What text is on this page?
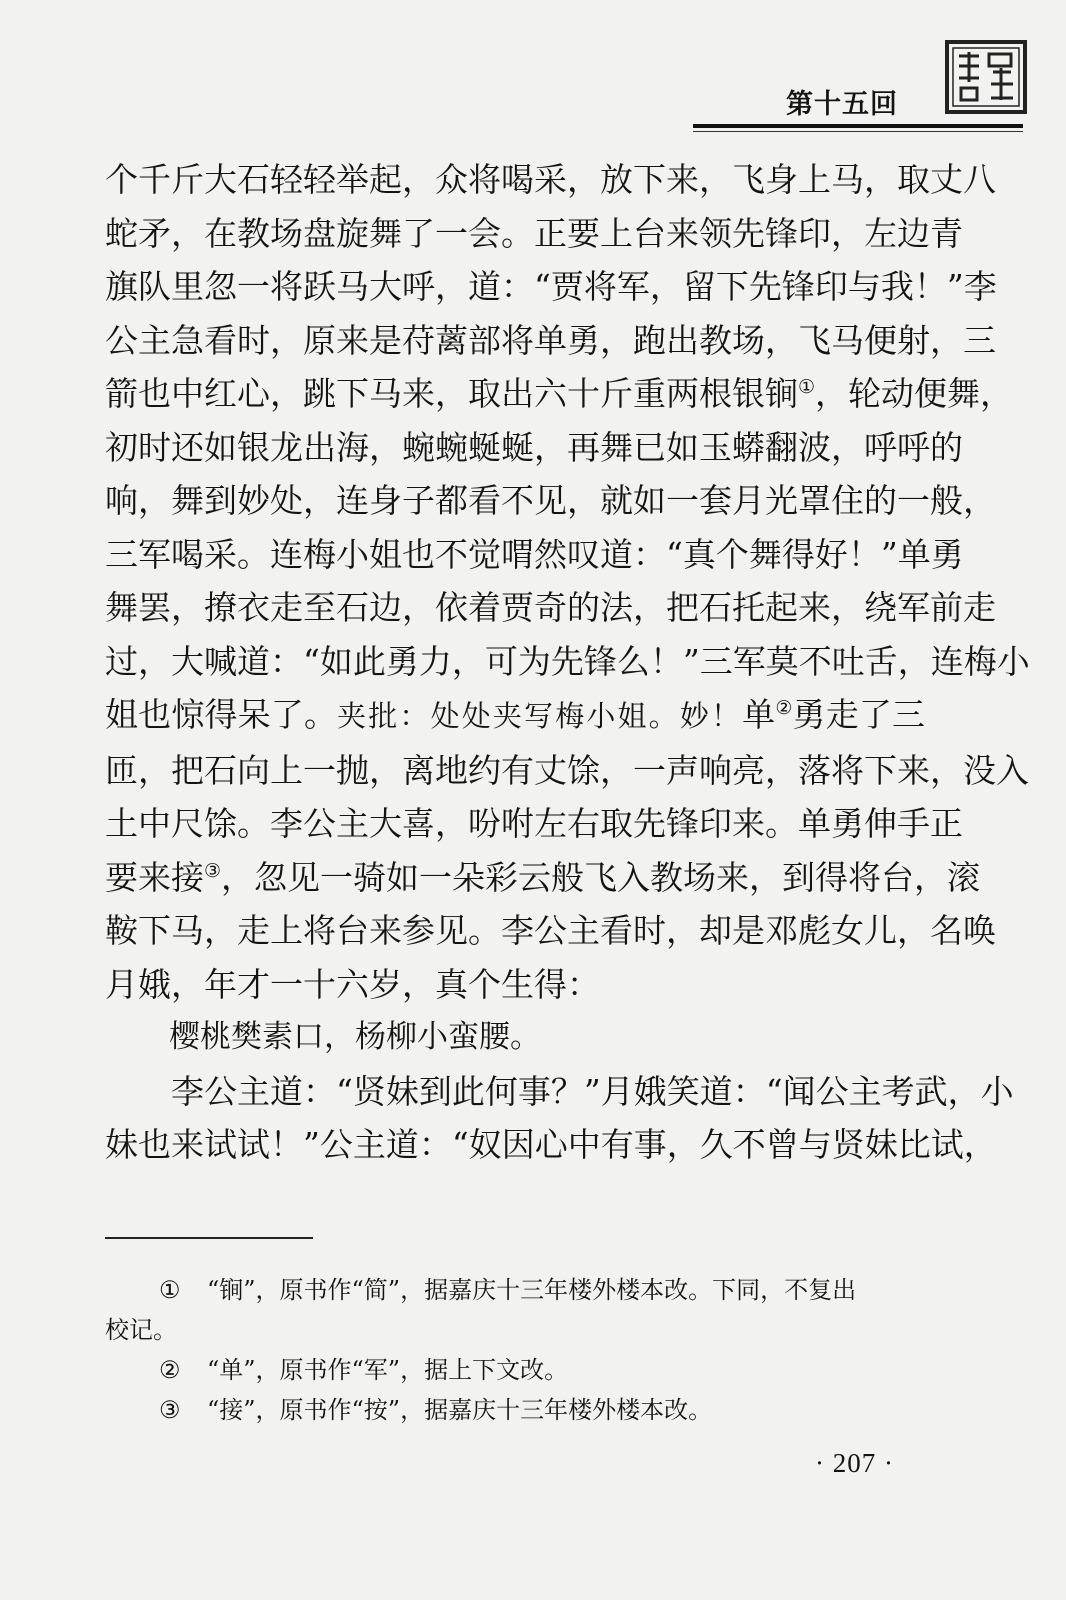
第十五回
个千斤大石轻轻举起，众将喝采，放下来，飞身上马，取丈八
蛇矛，在教场盘旋舞了一会。正要上台来领先锋印，左边青
旗队里忽一将跃马大呼，道：“贾将军，留下先锋印与我！”李
公主急看时，原来是苻蓠部将单勇，跑出教场，飞马便射，三
箭也中红心，跳下马来，取出六十斤重两根银锏①，轮动便舞，
初时还如银龙出海，蜿蜿蜒蜒，再舞已如玉蟒翻波，呼呼的
响，舞到妙处，连身子都看不见，就如一套月光罩住的一般，
三军喝采。连梅小姐也不觉喟然叹道：“真个舞得好！”单勇
舞罢，撩衣走至石边，依着贾奇的法，把石托起来，绕军前走
过，大喊道：“如此勇力，可为先锋么！”三军莫不吐舌，连梅小
姐也惊得呆了。夹批：处处夹写梅小姐。妙！单②勇走了三
匝，把石向上一抛，离地约有丈馀，一声响亮，落将下来，没入
土中尺馀。李公主大喜，吩咐左右取先锋印来。单勇伸手正
要来接③，忽见一骑如一朵彩云般飞入教场来，到得将台，滚
鞍下马，走上将台来参见。李公主看时，却是邓彪女儿，名唤
月娥，年才一十六岁，真个生得：
樱桃樊素口，杨柳小蛮腰。
李公主道：“贤妹到此何事？”月娥笑道：“闻公主考武，小
妹也来试试！”公主道：“奴因心中有事，久不曾与贤妹比试，
① “锏”，原书作“简”，据嘉庆十三年楼外楼本改。下同，不复出
校记。
② “单”，原书作“军”，据上下文改。
③ “接”，原书作“按”，据嘉庆十三年楼外楼本改。
· 207 ·
